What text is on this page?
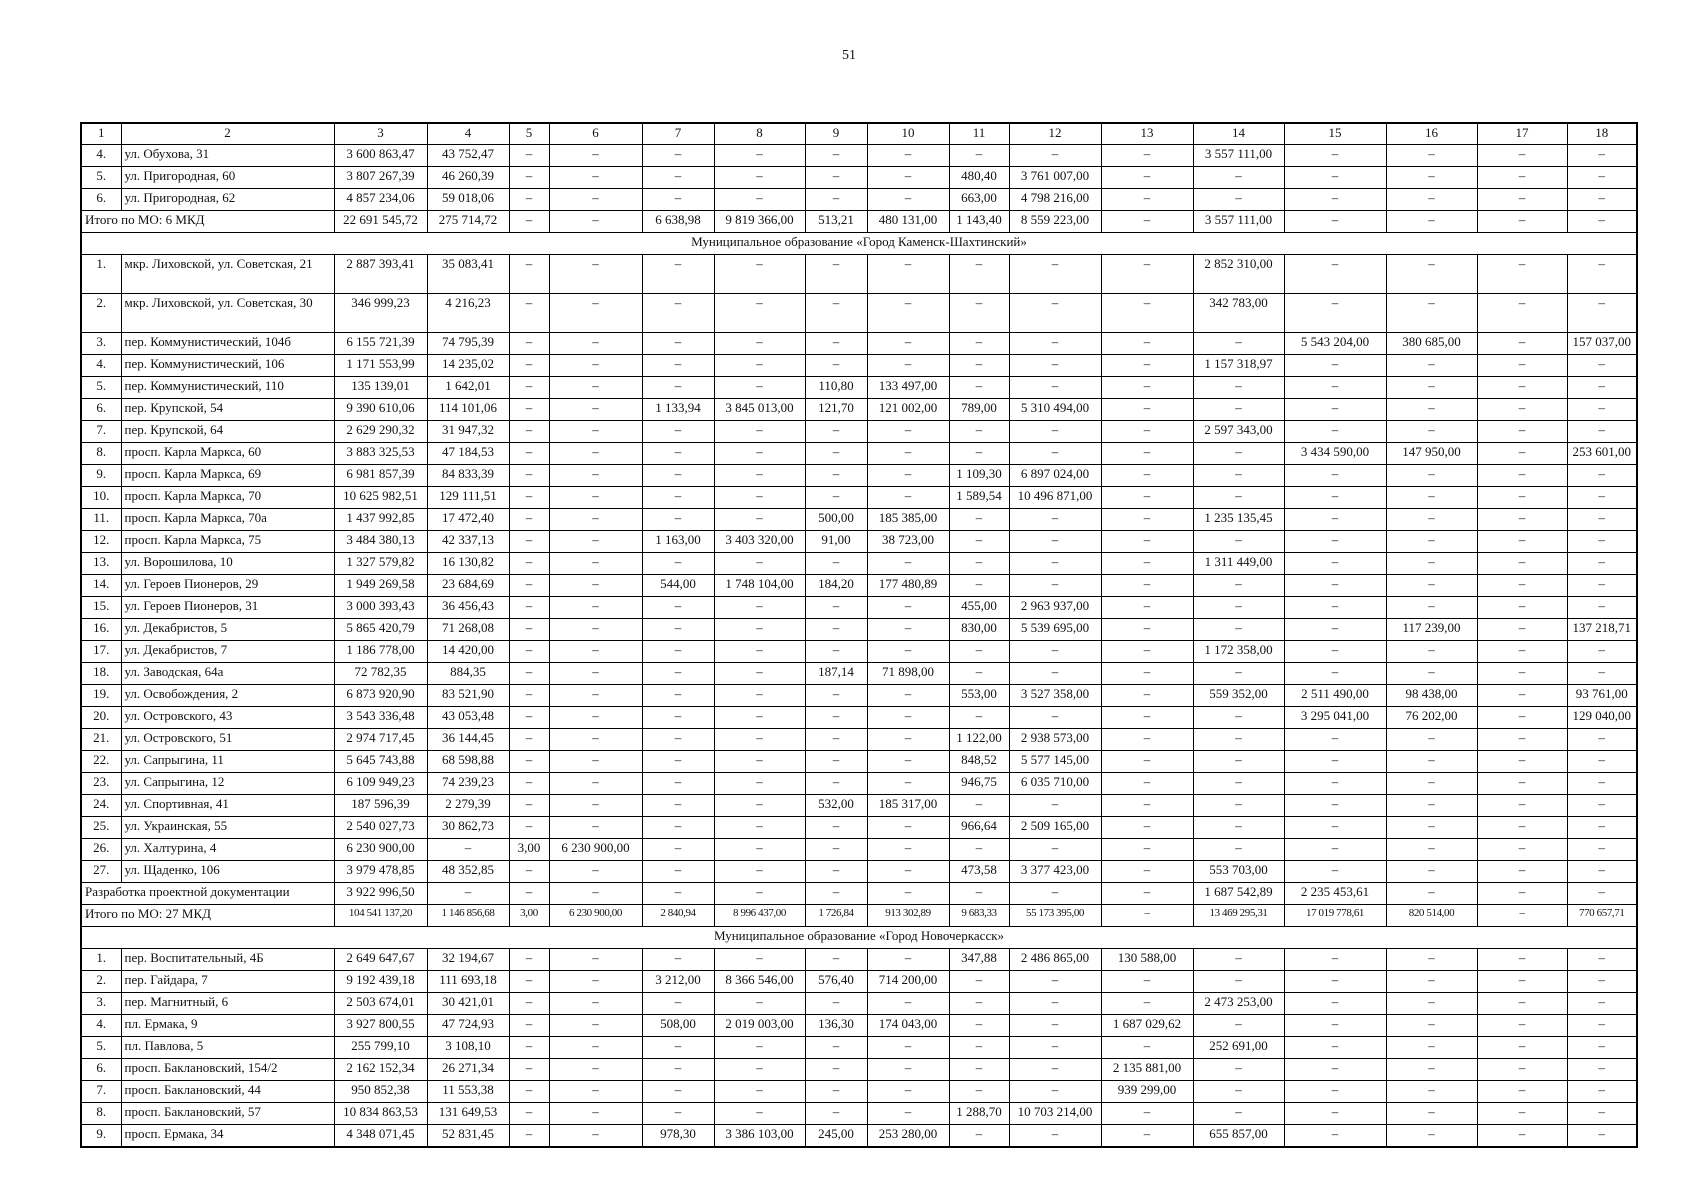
51
1	2	3	4	5	6	7	8	9	10	11	12	13	14	15	16	17	18
4.	ул. Обухова, 31	3 600 863,47	43 752,47	–	–	–	–	–	–	–	–	–	3 557 111,00	–	–	–	–
5.	ул. Пригородная, 60	3 807 267,39	46 260,39	–	–	–	–	–	–	480,40	3 761 007,00	–	–	–	–	–	–
6.	ул. Пригородная, 62	4 857 234,06	59 018,06	–	–	–	–	–	–	663,00	4 798 216,00	–	–	–	–	–	–
Итого по МО: 6 МКД		22 691 545,72	275 714,72	–	–	6 638,98	9 819 366,00	513,21	480 131,00	1 143,40	8 559 223,00	–	3 557 111,00	–	–	–	–
Муниципальное образование «Город Каменск-Шахтинский»																	
1.	мкр. Лиховской, ул. Советская, 21	2 887 393,41	35 083,41	–	–	–	–	–	–	–	–	–	2 852 310,00	–	–	–	–
2.	мкр. Лиховской, ул. Советская, 30	346 999,23	4 216,23	–	–	–	–	–	–	–	–	–	342 783,00	–	–	–	–
3.	пер. Коммунистический, 104б	6 155 721,39	74 795,39	–	–	–	–	–	–	–	–	–	–	5 543 204,00	380 685,00	–	157 037,00
4.	пер. Коммунистический, 106	1 171 553,99	14 235,02	–	–	–	–	–	–	–	–	–	1 157 318,97	–	–	–	–
5.	пер. Коммунистический, 110	135 139,01	1 642,01	–	–	–	–	110,80	133 497,00	–	–	–	–	–	–	–	–
6.	пер. Крупской, 54	9 390 610,06	114 101,06	–	–	1 133,94	3 845 013,00	121,70	121 002,00	789,00	5 310 494,00	–	–	–	–	–	–
7.	пер. Крупской, 64	2 629 290,32	31 947,32	–	–	–	–	–	–	–	–	–	2 597 343,00	–	–	–	–
8.	просп. Карла Маркса, 60	3 883 325,53	47 184,53	–	–	–	–	–	–	–	–	–	–	3 434 590,00	147 950,00	–	253 601,00
9.	просп. Карла Маркса, 69	6 981 857,39	84 833,39	–	–	–	–	–	–	1 109,30	6 897 024,00	–	–	–	–	–	–
10.	просп. Карла Маркса, 70	10 625 982,51	129 111,51	–	–	–	–	–	–	1 589,54	10 496 871,00	–	–	–	–	–	–
11.	просп. Карла Маркса, 70а	1 437 992,85	17 472,40	–	–	–	–	500,00	185 385,00	–	–	–	1 235 135,45	–	–	–	–
12.	просп. Карла Маркса, 75	3 484 380,13	42 337,13	–	–	1 163,00	3 403 320,00	91,00	38 723,00	–	–	–	–	–	–	–	–
13.	ул. Ворошилова, 10	1 327 579,82	16 130,82	–	–	–	–	–	–	–	–	–	1 311 449,00	–	–	–	–
14.	ул. Героев Пионеров, 29	1 949 269,58	23 684,69	–	–	544,00	1 748 104,00	184,20	177 480,89	–	–	–	–	–	–	–	–
15.	ул. Героев Пионеров, 31	3 000 393,43	36 456,43	–	–	–	–	–	–	455,00	2 963 937,00	–	–	–	–	–	–
16.	ул. Декабристов, 5	5 865 420,79	71 268,08	–	–	–	–	–	–	830,00	5 539 695,00	–	–	–	117 239,00	–	137 218,71
17.	ул. Декабристов, 7	1 186 778,00	14 420,00	–	–	–	–	–	–	–	–	–	1 172 358,00	–	–	–	–
18.	ул. Заводская, 64а	72 782,35	884,35	–	–	–	–	187,14	71 898,00	–	–	–	–	–	–	–	–
19.	ул. Освобождения, 2	6 873 920,90	83 521,90	–	–	–	–	–	–	553,00	3 527 358,00	–	559 352,00	2 511 490,00	98 438,00	–	93 761,00
20.	ул. Островского, 43	3 543 336,48	43 053,48	–	–	–	–	–	–	–	–	–	–	3 295 041,00	76 202,00	–	129 040,00
21.	ул. Островского, 51	2 974 717,45	36 144,45	–	–	–	–	–	–	1 122,00	2 938 573,00	–	–	–	–	–	–
22.	ул. Сапрыгина, 11	5 645 743,88	68 598,88	–	–	–	–	–	–	848,52	5 577 145,00	–	–	–	–	–	–
23.	ул. Сапрыгина, 12	6 109 949,23	74 239,23	–	–	–	–	–	–	946,75	6 035 710,00	–	–	–	–	–	–
24.	ул. Спортивная, 41	187 596,39	2 279,39	–	–	–	–	532,00	185 317,00	–	–	–	–	–	–	–	–
25.	ул. Украинская, 55	2 540 027,73	30 862,73	–	–	–	–	–	–	966,64	2 509 165,00	–	–	–	–	–	–
26.	ул. Халтурина, 4	6 230 900,00	–	3,00	6 230 900,00	–	–	–	–	–	–	–	–	–	–	–	–
27.	ул. Щаденко, 106	3 979 478,85	48 352,85	–	–	–	–	–	–	473,58	3 377 423,00	–	553 703,00	–	–	–	–
Разработка проектной документации		3 922 996,50	–	–	–	–	–	–	–	–	–	–	1 687 542,89	2 235 453,61	–	–	–
Итого по МО: 27 МКД		104 541 137,20	1 146 856,68	3,00	6 230 900,00	2 840,94	8 996 437,00	1 726,84	913 302,89	9 683,33	55 173 395,00	–	13 469 295,31	17 019 778,61	820 514,00	–	770 657,71
Муниципальное образование «Город Новочеркасск»																	
1.	пер. Воспитательный, 4Б	2 649 647,67	32 194,67	–	–	–	–	–	–	347,88	2 486 865,00	130 588,00	–	–	–	–	–
2.	пер. Гайдара, 7	9 192 439,18	111 693,18	–	–	3 212,00	8 366 546,00	576,40	714 200,00	–	–	–	–	–	–	–	–
3.	пер. Магнитный, 6	2 503 674,01	30 421,01	–	–	–	–	–	–	–	–	–	2 473 253,00	–	–	–	–
4.	пл. Ермака, 9	3 927 800,55	47 724,93	–	–	508,00	2 019 003,00	136,30	174 043,00	–	–	1 687 029,62	–	–	–	–	–
5.	пл. Павлова, 5	255 799,10	3 108,10	–	–	–	–	–	–	–	–	–	252 691,00	–	–	–	–
6.	просп. Баклановский, 154/2	2 162 152,34	26 271,34	–	–	–	–	–	–	–	–	2 135 881,00	–	–	–	–	–
7.	просп. Баклановский, 44	950 852,38	11 553,38	–	–	–	–	–	–	–	–	939 299,00	–	–	–	–	–
8.	просп. Баклановский, 57	10 834 863,53	131 649,53	–	–	–	–	–	–	1 288,70	10 703 214,00	–	–	–	–	–	–
9.	просп. Ермака, 34	4 348 071,45	52 831,45	–	–	978,30	3 386 103,00	245,00	253 280,00	–	–	–	655 857,00	–	–	–	–
